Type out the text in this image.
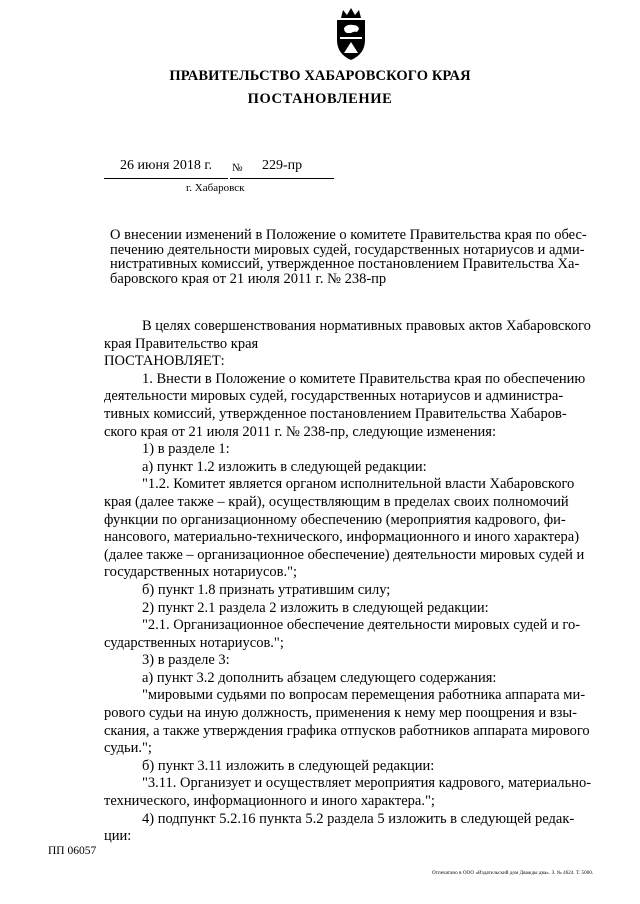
ПРАВИТЕЛЬСТВО ХАБАРОВСКОГО КРАЯ
ПОСТАНОВЛЕНИЕ
26 июня 2018 г. № 229-пр
г. Хабаровск
О внесении изменений в Положение о комитете Правительства края по обес-
печению деятельности мировых судей, государственных нотариусов и адми-
нистративных комиссий, утвержденное постановлением Правительства Ха-
баровского края от 21 июля 2011 г. № 238-пр
В целях совершенствования нормативных правовых актов Хабаровского
края Правительство края
ПОСТАНОВЛЯЕТ:
1. Внести в Положение о комитете Правительства края по обеспечению
деятельности мировых судей, государственных нотариусов и администра-
тивных комиссий, утвержденное постановлением Правительства Хабаров-
ского края от 21 июля 2011 г. № 238-пр, следующие изменения:
1) в разделе 1:
а) пункт 1.2 изложить в следующей редакции:
"1.2. Комитет является органом исполнительной власти Хабаровского
края (далее также – край), осуществляющим в пределах своих полномочий
функции по организационному обеспечению (мероприятия кадрового, фи-
нансового, материально-технического, информационного и иного характера)
(далее также – организационное обеспечение) деятельности мировых судей и
государственных нотариусов.";
б) пункт 1.8 признать утратившим силу;
2) пункт 2.1 раздела 2 изложить в следующей редакции:
"2.1. Организационное обеспечение деятельности мировых судей и го-
сударственных нотариусов.";
3) в разделе 3:
а) пункт 3.2 дополнить абзацем следующего содержания:
"мировыми судьями по вопросам перемещения работника аппарата ми-
рового судьи на иную должность, применения к нему мер поощрения и взы-
скания, а также утверждения графика отпусков работников аппарата мирового
судьи.";
б) пункт 3.11 изложить в следующей редакции:
"3.11. Организует и осуществляет мероприятия кадрового, материально-
технического, информационного и иного характера.";
4) подпункт 5.2.16 пункта 5.2 раздела 5 изложить в следующей редак-
ции:
ПП 06057
Отпечатано в ООО «Издательский дом Дважды два». З. № 4624. Т. 5000.
